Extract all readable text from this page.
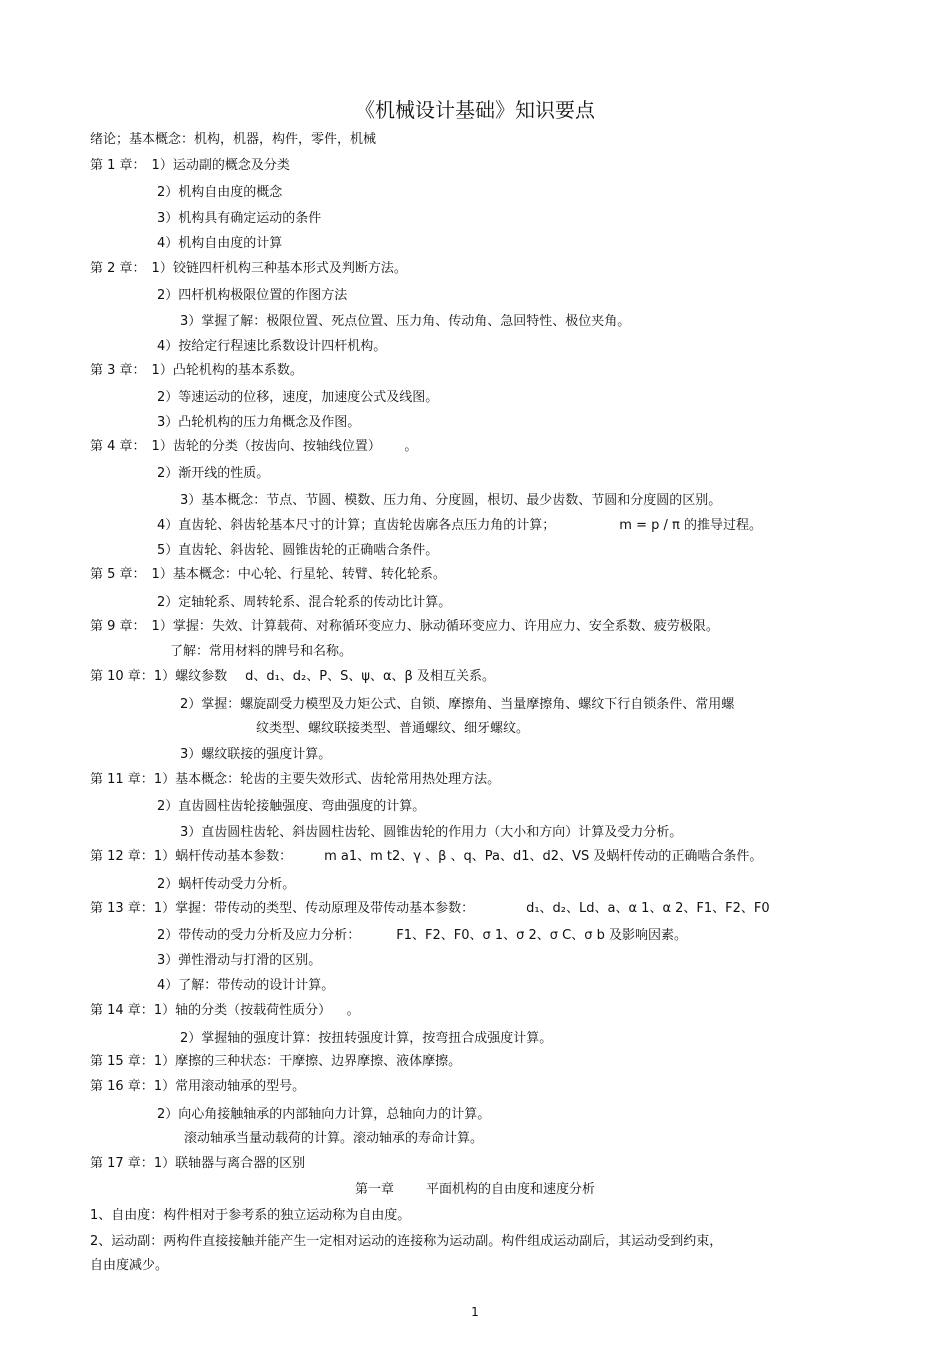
《机械设计基础》知识要点
绪论；基本概念：机构，机器，构件，零件，机械
第 1 章： 1）运动副的概念及分类
2）机构自由度的概念
3）机构具有确定运动的条件
4）机构自由度的计算
第 2 章： 1）铰链四杆机构三种基本形式及判断方法。
2）四杆机构极限位置的作图方法
3）掌握了解：极限位置、死点位置、压力角、传动角、急回特性、极位夹角。
4）按给定行程速比系数设计四杆机构。
第 3 章： 1）凸轮机构的基本系数。
2）等速运动的位移，速度，加速度公式及线图。
3）凸轮机构的压力角概念及作图。
第 4 章： 1）齿轮的分类（按齿向、按轴线位置） 。
2）渐开线的性质。
3）基本概念：节点、节圆、模数、压力角、分度圆，根切、最少齿数、节圆和分度圆的区别。
4）直齿轮、斜齿轮基本尺寸的计算；直齿轮齿廓各点压力角的计算；	m = p / π 的推导过程。
5）直齿轮、斜齿轮、圆锥齿轮的正确啮合条件。
第 5 章： 1）基本概念：中心轮、行星轮、转臂、转化轮系。
2）定轴轮系、周转轮系、混合轮系的传动比计算。
第 9 章： 1）掌握：失效、计算载荷、对称循环变应力、脉动循环变应力、许用应力、安全系数、疲劳极限。
了解：常用材料的牌号和名称。
第 10 章：1）螺纹参数 d、d₁、d₂、P、S、ψ、α、β 及相互关系。
2）掌握：螺旋副受力模型及力矩公式、自锁、摩擦角、当量摩擦角、螺纹下行自锁条件、常用螺
纹类型、螺纹联接类型、普通螺纹、细牙螺纹。
3）螺纹联接的强度计算。
第 11 章：1）基本概念：轮齿的主要失效形式、齿轮常用热处理方法。
2）直齿圆柱齿轮接触强度、弯曲强度的计算。
3）直齿圆柱齿轮、斜齿圆柱齿轮、圆锥齿轮的作用力（大小和方向）计算及受力分析。
第 12 章：1）蜗杆传动基本参数： m a1、m t2、γ 、β 、q、Pa、d1、d2、VS 及蜗杆传动的正确啮合条件。
2）蜗杆传动受力分析。
第 13 章：1）掌握：带传动的类型、传动原理及带传动基本参数：	d₁、d₂、Ld、a、α 1、α 2、F1、F2、F0
2）带传动的受力分析及应力分析：	F1、F2、F0、σ 1、σ 2、σ C、σ b 及影响因素。
3）弹性滑动与打滑的区别。
4）了解：带传动的设计计算。
第 14 章：1）轴的分类（按载荷性质分） 。
2）掌握轴的强度计算：按扭转强度计算，按弯扭合成强度计算。
第 15 章：1）摩擦的三种状态：干摩擦、边界摩擦、液体摩擦。
第 16 章：1）常用滚动轴承的型号。
2）向心角接触轴承的内部轴向力计算，总轴向力的计算。
滚动轴承当量动载荷的计算。滚动轴承的寿命计算。
第 17 章：1）联轴器与离合器的区别
第一章 平面机构的自由度和速度分析
1、自由度：构件相对于参考系的独立运动称为自由度。
2、运动副：两构件直接接触并能产生一定相对运动的连接称为运动副。构件组成运动副后，其运动受到约束，
自由度减少。
1
